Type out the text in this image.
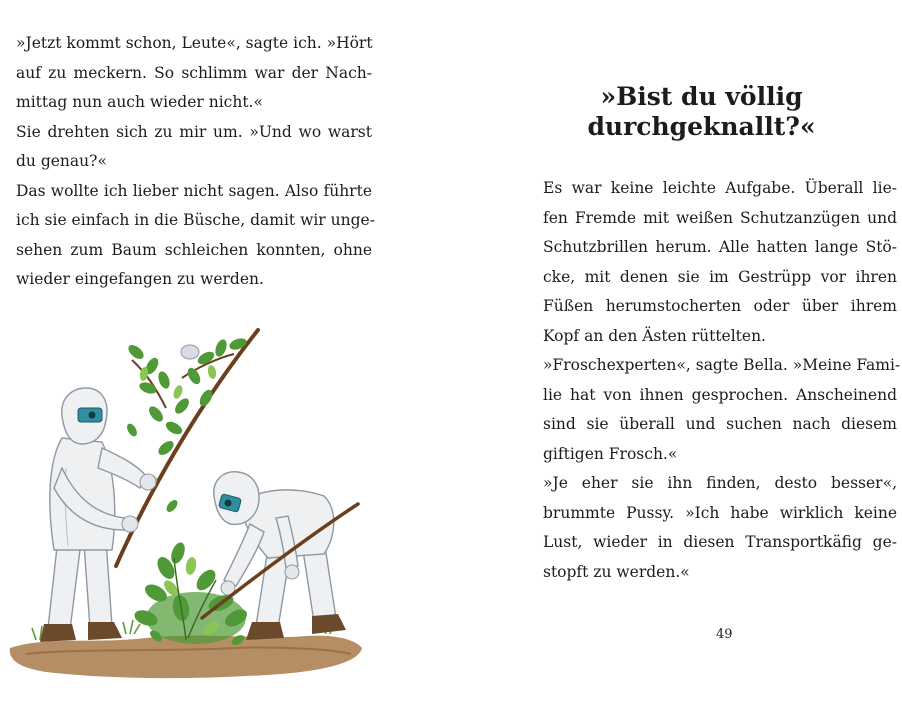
»Jetzt kommt schon, Leute«, sagte ich. »Hört
auf zu meckern. So schlimm war der Nach-
mittag nun auch wieder nicht.«
Sie drehten sich zu mir um. »Und wo warst
du genau?«
Das wollte ich lieber nicht sagen. Also führte
ich sie einfach in die Büsche, damit wir unge-
sehen zum Baum schleichen konnten, ohne
wieder eingefangen zu werden.
»Bist du völlig
durchgeknallt?«
Es war keine leichte Aufgabe. Überall lie-
fen Fremde mit weißen Schutzanzügen und
Schutzbrillen herum. Alle hatten lange Stö-
cke, mit denen sie im Gestrüpp vor ihren
Füßen herumstocherten oder über ihrem
Kopf an den Ästen rüttelten.
»Froschexperten«, sagte Bella. »Meine Fami-
lie hat von ihnen gesprochen. Anscheinend
sind sie überall und suchen nach diesem
giftigen Frosch.«
»Je eher sie ihn finden, desto besser«,
brummte Pussy. »Ich habe wirklich keine
Lust, wieder in diesen Transportkäfig ge-
stopft zu werden.«
49
